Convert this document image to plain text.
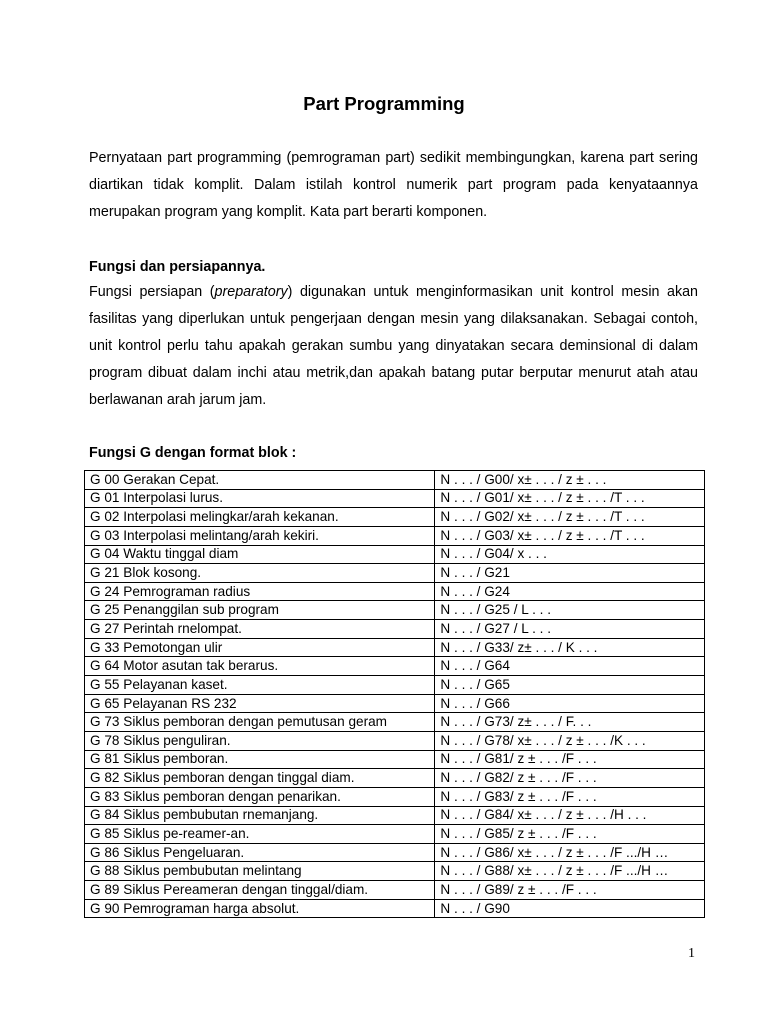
Part Programming

Pernyataan part programming (pemrograman part) sedikit membingungkan, karena part sering diartikan tidak komplit. Dalam istilah kontrol numerik part program pada kenyataannya merupakan program yang komplit. Kata part berarti komponen.

Fungsi dan persiapannya.

Fungsi persiapan (preparatory) digunakan untuk menginformasikan unit kontrol mesin akan fasilitas yang diperlukan untuk pengerjaan dengan mesin yang dilaksanakan. Sebagai contoh, unit kontrol perlu tahu apakah gerakan sumbu yang dinyatakan secara deminsional di dalam program dibuat dalam inchi atau metrik,dan apakah batang putar berputar menurut atah atau berlawanan arah jarum jam.

Fungsi G dengan format blok :

G 00 Gerakan Cepat.	N . . . / G00/ x± . . . / z ± . . .
G 01 Interpolasi lurus.	N . . . / G01/ x± . . . / z ± . . . /T . . .
G 02 Interpolasi melingkar/arah kekanan.	N . . . / G02/ x± . . . / z ± . . . /T . . .
G 03 Interpolasi melintang/arah kekiri.	N . . . / G03/ x± . . . / z ± . . . /T . . .
G 04 Waktu tinggal diam	N . . . / G04/ x . . .
G 21 Blok kosong.	N . . . / G21
G 24 Pemrograman radius	N . . . / G24
G 25 Penanggilan sub program	N . . . / G25 / L . . .
G 27 Perintah rnelompat.	N . . . / G27 / L . . .
G 33 Pemotongan ulir	N . . . / G33/ z± . . . / K . . .
G 64 Motor asutan tak berarus.	N . . . / G64
G 55 Pelayanan kaset.	N . . . / G65
G 65 Pelayanan RS 232	N . . . / G66
G 73 Siklus pemboran dengan pemutusan geram	N . . . / G73/ z± . . . / F. . .
G 78 Siklus penguliran.	N . . . / G78/ x± . . . / z ± . . . /K . . .
G 81 Siklus pemboran.	N . . . / G81/ z ± . . . /F . . .
G 82 Siklus pemboran dengan tinggal diam.	N . . . / G82/ z ± . . . /F . . .
G 83 Siklus pemboran dengan penarikan.	N . . . / G83/ z ± . . . /F . . .
G 84 Siklus pembubutan rnemanjang.	N . . . / G84/ x± . . . / z ± . . . /H . . .
G 85 Siklus pe-reamer-an.	N . . . / G85/ z ± . . . /F . . .
G 86 Siklus Pengeluaran.	N . . . / G86/ x± . . . / z ± . . . /F .../H …
G 88 Siklus pembubutan melintang	N . . . / G88/ x± . . . / z ± . . . /F .../H …
G 89 Siklus Pereameran dengan tinggal/diam.	N . . . / G89/ z ± . . . /F . . .
G 90 Pemrograman harga absolut.	N . . . / G90
1
